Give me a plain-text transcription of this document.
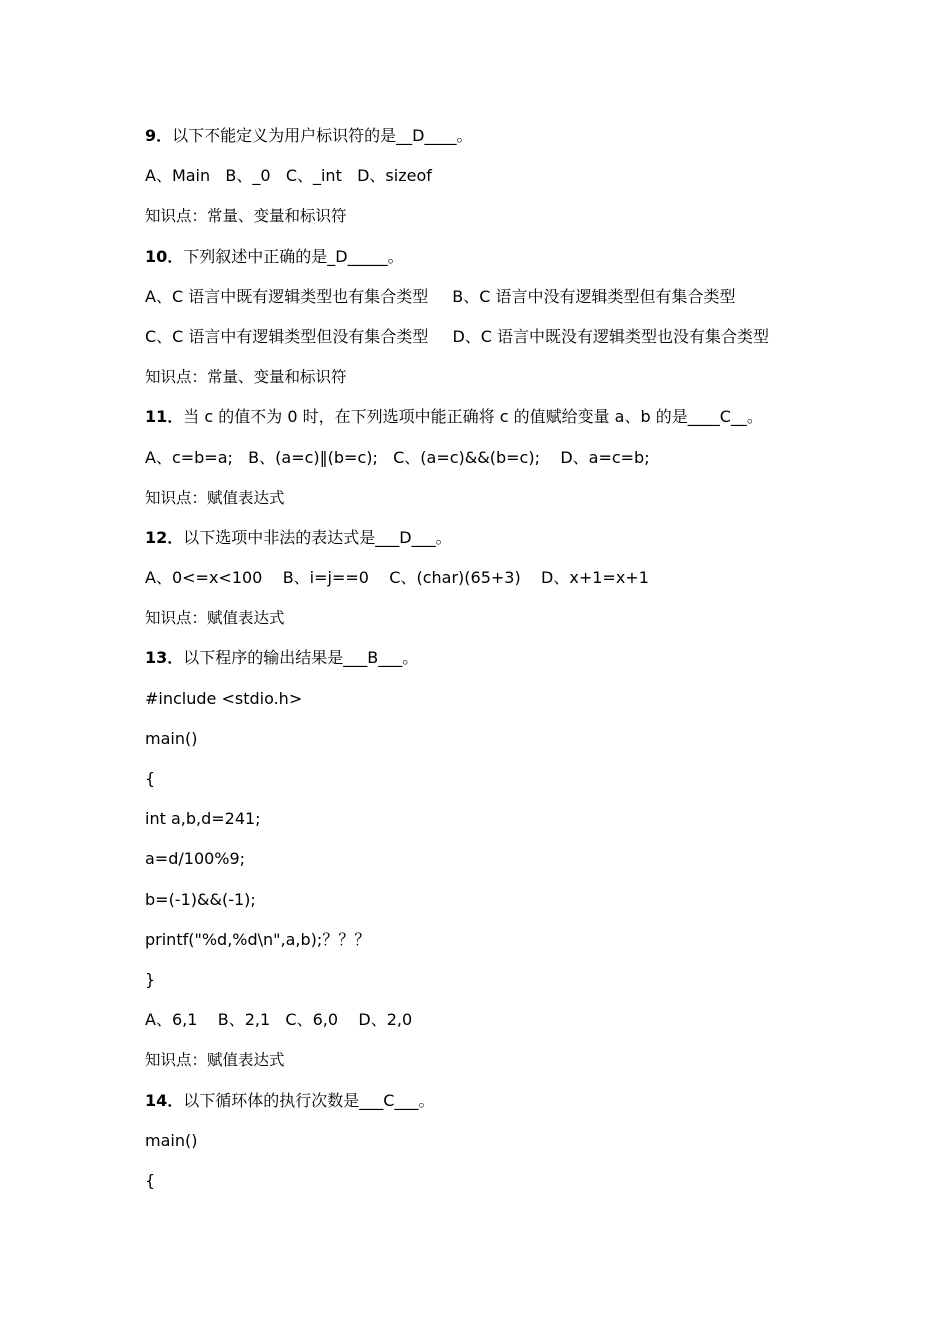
9．以下不能定义为用户标识符的是__D____。
A、Main   B、_0   C、_int   D、sizeof
知识点：常量、变量和标识符
10．下列叙述中正确的是_D_____。
A、C 语言中既有逻辑类型也有集合类型 B、C 语言中没有逻辑类型但有集合类型
C、C 语言中有逻辑类型但没有集合类型 D、C 语言中既没有逻辑类型也没有集合类型
知识点：常量、变量和标识符
11．当 c 的值不为 0 时，在下列选项中能正确将 c 的值赋给变量 a、b 的是____C__。
A、c=b=a;   B、(a=c)‖(b=c);   C、(a=c)&&(b=c);    D、a=c=b;
知识点：赋值表达式
12．以下选项中非法的表达式是___D___。
A、0<=x<100    B、i=j==0    C、(char)(65+3)    D、x+1=x+1
知识点：赋值表达式
13．以下程序的输出结果是___B___。
#include <stdio.h>
main()
{
int a,b,d=241;
a=d/100%9;
b=(-1)&&(-1);
printf("%d,%d\n",a,b);？？？
}
A、6,1    B、2,1   C、6,0    D、2,0
知识点：赋值表达式
14．以下循环体的执行次数是___C___。
main()
{
